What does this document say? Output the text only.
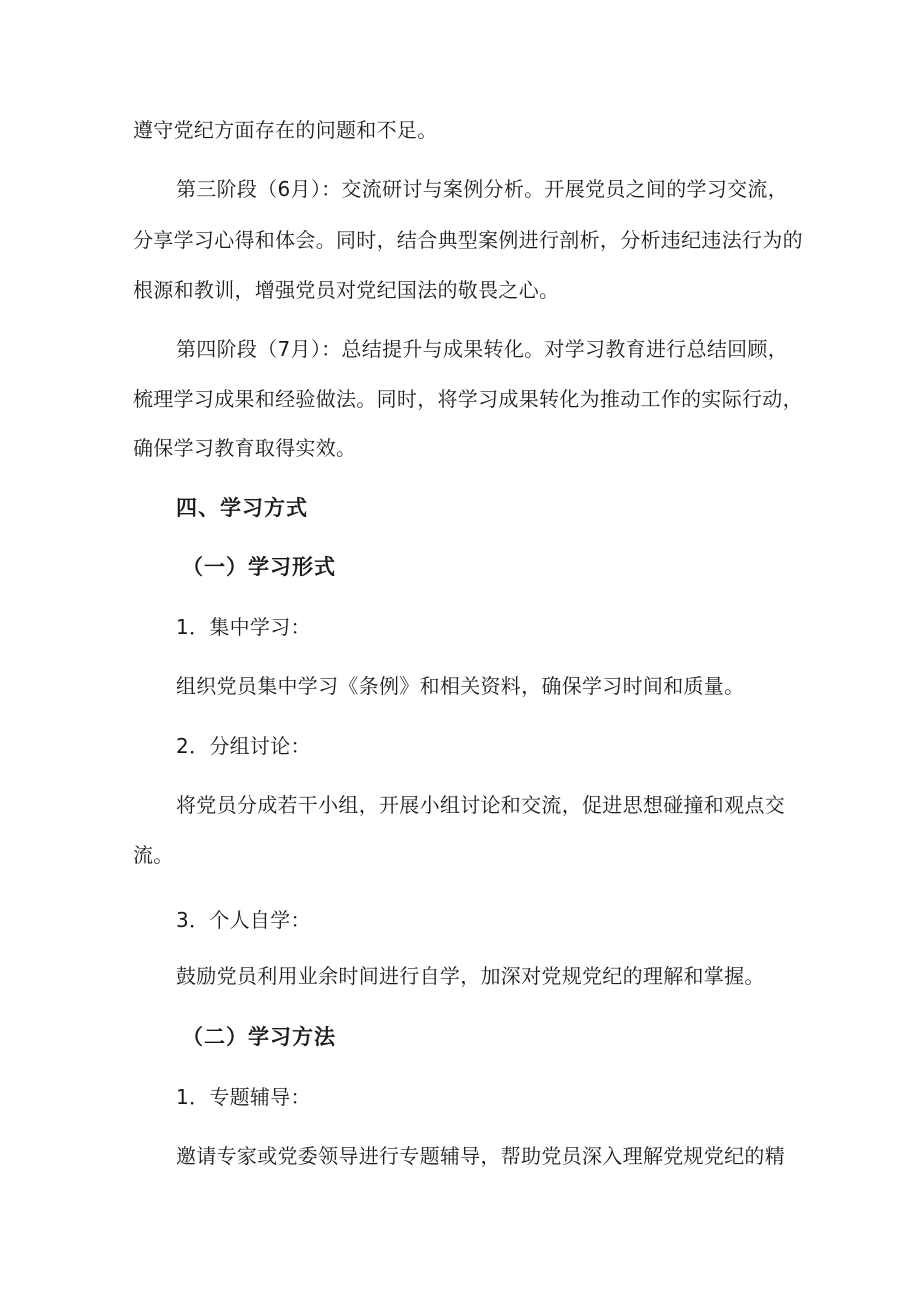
遵守党纪方面存在的问题和不足。
第三阶段（6月）：交流研讨与案例分析。开展党员之间的学习交流，
分享学习心得和体会。同时，结合典型案例进行剖析，分析违纪违法行为的
根源和教训，增强党员对党纪国法的敬畏之心。
第四阶段（7月）：总结提升与成果转化。对学习教育进行总结回顾，
梳理学习成果和经验做法。同时，将学习成果转化为推动工作的实际行动，
确保学习教育取得实效。
四、学习方式
（一）学习形式
1．集中学习：
组织党员集中学习《条例》和相关资料，确保学习时间和质量。
2．分组讨论：
将党员分成若干小组，开展小组讨论和交流，促进思想碰撞和观点交
流。
3．个人自学：
鼓励党员利用业余时间进行自学，加深对党规党纪的理解和掌握。
（二）学习方法
1．专题辅导：
邀请专家或党委领导进行专题辅导，帮助党员深入理解党规党纪的精
